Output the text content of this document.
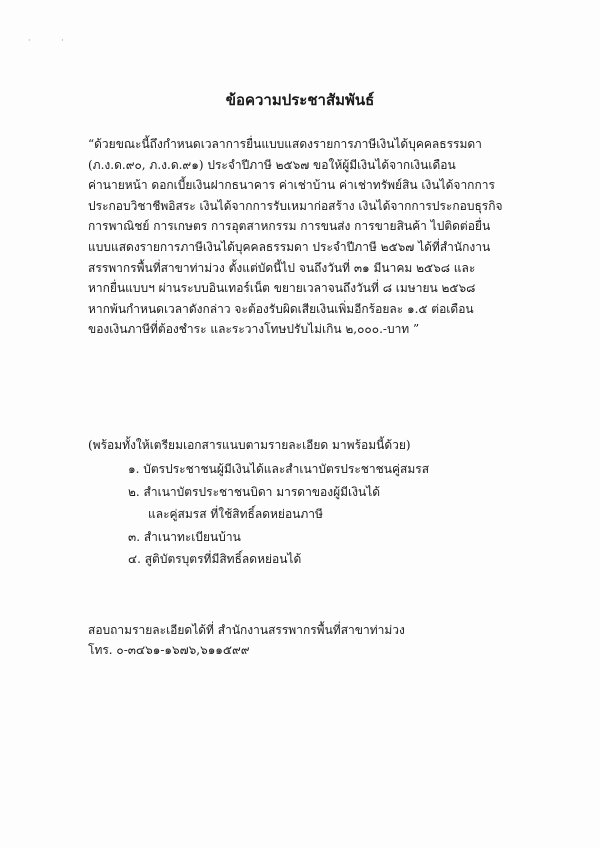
· ·
ข้อความประชาสัมพันธ์
“ด้วยขณะนี้ถึงกำหนดเวลาการยื่นแบบแสดงรายการภาษีเงินได้บุคคลธรรมดา
(ภ.ง.ด.๙๐, ภ.ง.ด.๙๑) ประจำปีภาษี ๒๕๖๗ ขอให้ผู้มีเงินได้จากเงินเดือน
ค่านายหน้า ดอกเบี้ยเงินฝากธนาคาร ค่าเช่าบ้าน ค่าเช่าทรัพย์สิน เงินได้จากการ
ประกอบวิชาชีพอิสระ เงินได้จากการรับเหมาก่อสร้าง เงินได้จากการประกอบธุรกิจ
การพาณิชย์ การเกษตร การอุตสาหกรรม การขนส่ง การขายสินค้า ไปติดต่อยื่น
แบบแสดงรายการภาษีเงินได้บุคคลธรรมดา ประจำปีภาษี ๒๕๖๗ ได้ที่สำนักงาน
สรรพากรพื้นที่สาขาท่าม่วง ตั้งแต่บัดนี้ไป จนถึงวันที่ ๓๑ มีนาคม ๒๕๖๘ และ
หากยื่นแบบฯ ผ่านระบบอินเทอร์เน็ต ขยายเวลาจนถึงวันที่ ๘ เมษายน ๒๕๖๘
หากพ้นกำหนดเวลาดังกล่าว จะต้องรับผิดเสียเงินเพิ่มอีกร้อยละ ๑.๕ ต่อเดือน
ของเงินภาษีที่ต้องชำระ และระวางโทษปรับไม่เกิน ๒,๐๐๐.-บาท ”
(พร้อมทั้งให้เตรียมเอกสารแนบตามรายละเอียด มาพร้อมนี้ด้วย)
๑. บัตรประชาชนผู้มีเงินได้และสำเนาบัตรประชาชนคู่สมรส
๒. สำเนาบัตรประชาชนบิดา มารดาของผู้มีเงินได้
และคู่สมรส ที่ใช้สิทธิ์ลดหย่อนภาษี
๓. สำเนาทะเบียนบ้าน
๔. สูติบัตรบุตรที่มีสิทธิ์ลดหย่อนได้
สอบถามรายละเอียดได้ที่ สำนักงานสรรพากรพื้นที่สาขาท่าม่วง
โทร. ๐-๓๔๖๑-๑๖๗๖,๖๑๑๕๙๙
